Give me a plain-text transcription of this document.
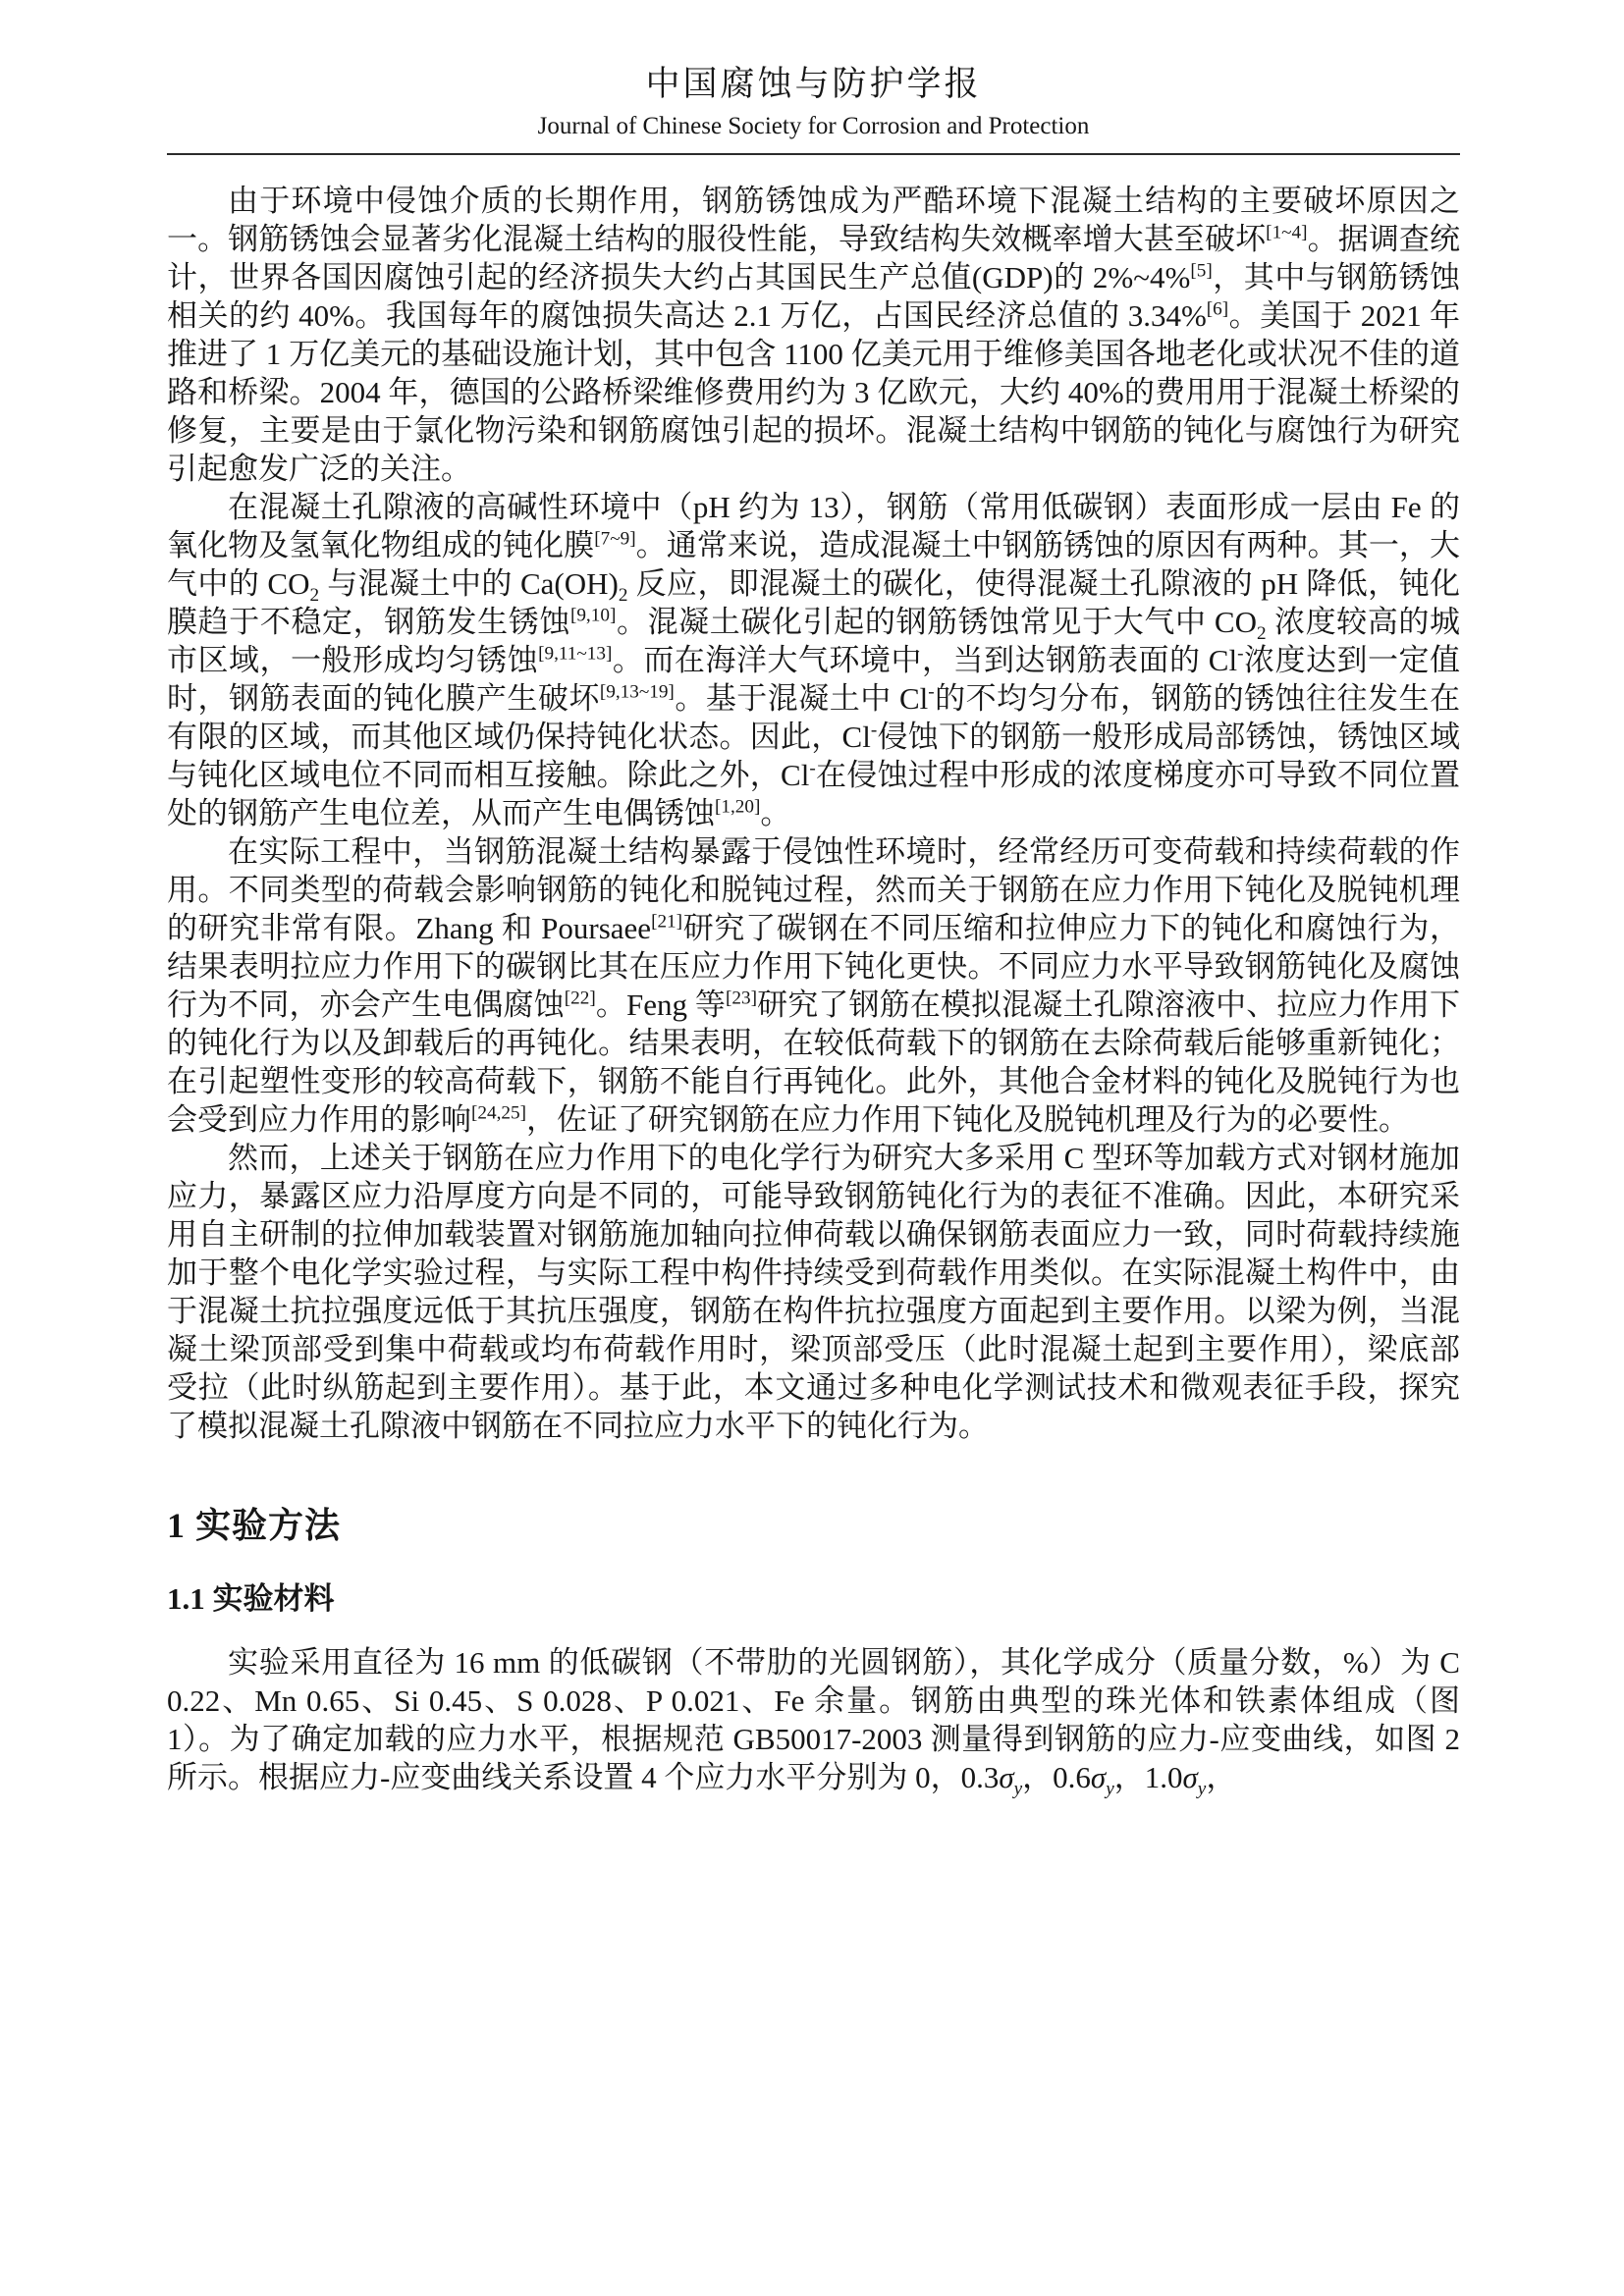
中国腐蚀与防护学报
Journal of Chinese Society for Corrosion and Protection

由于环境中侵蚀介质的长期作用，钢筋锈蚀成为严酷环境下混凝土结构的主要破坏原因之一。钢筋锈蚀会显著劣化混凝土结构的服役性能，导致结构失效概率增大甚至破坏[1~4]。据调查统计，世界各国因腐蚀引起的经济损失大约占其国民生产总值(GDP)的 2%~4%[5]，其中与钢筋锈蚀相关的约 40%。我国每年的腐蚀损失高达 2.1 万亿，占国民经济总值的 3.34%[6]。美国于 2021 年推进了 1 万亿美元的基础设施计划，其中包含 1100 亿美元用于维修美国各地老化或状况不佳的道路和桥梁。2004 年，德国的公路桥梁维修费用约为 3 亿欧元，大约 40%的费用用于混凝土桥梁的修复，主要是由于氯化物污染和钢筋腐蚀引起的损坏。混凝土结构中钢筋的钝化与腐蚀行为研究引起愈发广泛的关注。

在混凝土孔隙液的高碱性环境中（pH 约为 13），钢筋（常用低碳钢）表面形成一层由 Fe 的氧化物及氢氧化物组成的钝化膜[7~9]。通常来说，造成混凝土中钢筋锈蚀的原因有两种。其一，大气中的 $CO_2$ 与混凝土中的 $Ca(OH)_2$ 反应，即混凝土的碳化，使得混凝土孔隙液的 pH 降低，钝化膜趋于不稳定，钢筋发生锈蚀[9,10]。混凝土碳化引起的钢筋锈蚀常见于大气中 $CO_2$ 浓度较高的城市区域，一般形成均匀锈蚀[9,11~13]。而在海洋大气环境中，当到达钢筋表面的 Cl-浓度达到一定值时，钢筋表面的钝化膜产生破坏[9,13~19]。基于混凝土中 Cl-的不均匀分布，钢筋的锈蚀往往发生在有限的区域，而其他区域仍保持钝化状态。因此，Cl-侵蚀下的钢筋一般形成局部锈蚀，锈蚀区域与钝化区域电位不同而相互接触。除此之外，Cl-在侵蚀过程中形成的浓度梯度亦可导致不同位置处的钢筋产生电位差，从而产生电偶锈蚀[1,20]。

在实际工程中，当钢筋混凝土结构暴露于侵蚀性环境时，经常经历可变荷载和持续荷载的作用。不同类型的荷载会影响钢筋的钝化和脱钝过程，然而关于钢筋在应力作用下钝化及脱钝机理的研究非常有限。Zhang 和 Poursaee[21]研究了碳钢在不同压缩和拉伸应力下的钝化和腐蚀行为，结果表明拉应力作用下的碳钢比其在压应力作用下钝化更快。不同应力水平导致钢筋钝化及腐蚀行为不同，亦会产生电偶腐蚀[22]。Feng 等[23]研究了钢筋在模拟混凝土孔隙溶液中、拉应力作用下的钝化行为以及卸载后的再钝化。结果表明，在较低荷载下的钢筋在去除荷载后能够重新钝化；在引起塑性变形的较高荷载下，钢筋不能自行再钝化。此外，其他合金材料的钝化及脱钝行为也会受到应力作用的影响[24,25]，佐证了研究钢筋在应力作用下钝化及脱钝机理及行为的必要性。

然而，上述关于钢筋在应力作用下的电化学行为研究大多采用 C 型环等加载方式对钢材施加应力，暴露区应力沿厚度方向是不同的，可能导致钢筋钝化行为的表征不准确。因此，本研究采用自主研制的拉伸加载装置对钢筋施加轴向拉伸荷载以确保钢筋表面应力一致，同时荷载持续施加于整个电化学实验过程，与实际工程中构件持续受到荷载作用类似。在实际混凝土构件中，由于混凝土抗拉强度远低于其抗压强度，钢筋在构件抗拉强度方面起到主要作用。以梁为例，当混凝土梁顶部受到集中荷载或均布荷载作用时，梁顶部受压（此时混凝土起到主要作用），梁底部受拉（此时纵筋起到主要作用）。基于此，本文通过多种电化学测试技术和微观表征手段，探究了模拟混凝土孔隙液中钢筋在不同拉应力水平下的钝化行为。

1 实验方法
1.1 实验材料

实验采用直径为 16 mm 的低碳钢（不带肋的光圆钢筋），其化学成分（质量分数，%）为 C 0.22、Mn 0.65、Si 0.45、S 0.028、P 0.021、Fe 余量。钢筋由典型的珠光体和铁素体组成（图 1）。为了确定加载的应力水平，根据规范 GB50017-2003 测量得到钢筋的应力-应变曲线，如图 2 所示。根据应力-应变曲线关系设置 4 个应力水平分别为 0，$0.3\sigma_y$，$0.6\sigma_y$，$1.0\sigma_y$，
